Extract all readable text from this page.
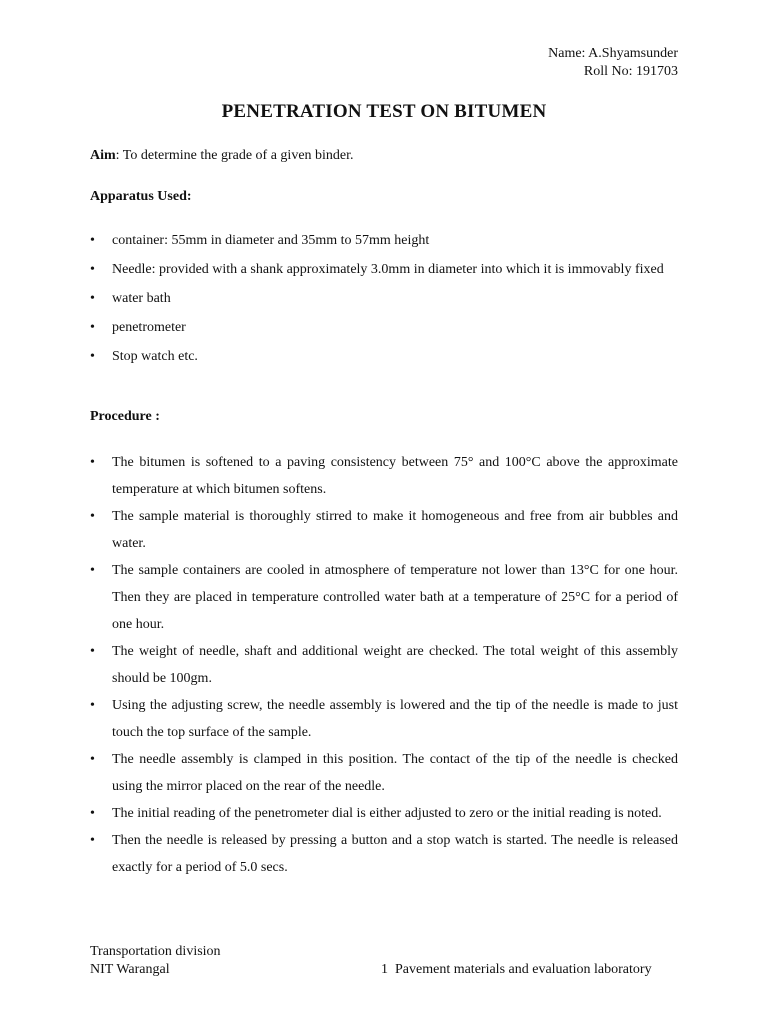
Name: A.Shyamsunder
Roll No: 191703
PENETRATION TEST ON BITUMEN
Aim: To determine the grade of a given binder.
Apparatus Used:
• container: 55mm in diameter and 35mm to 57mm height
• Needle: provided with a shank approximately 3.0mm in diameter into which it is immovably fixed
• water bath
• penetrometer
• Stop watch etc.
Procedure :
• The bitumen is softened to a paving consistency between 75° and 100°C above the approximate temperature at which bitumen softens.
• The sample material is thoroughly stirred to make it homogeneous and free from air bubbles and water.
• The sample containers are cooled in atmosphere of temperature not lower than 13°C for one hour. Then they are placed in temperature controlled water bath at a temperature of 25°C for a period of one hour.
• The weight of needle, shaft and additional weight are checked. The total weight of this assembly should be 100gm.
• Using the adjusting screw, the needle assembly is lowered and the tip of the needle is made to just touch the top surface of the sample.
• The needle assembly is clamped in this position. The contact of the tip of the needle is checked using the mirror placed on the rear of the needle.
• The initial reading of the penetrometer dial is either adjusted to zero or the initial reading is noted.
• Then the needle is released by pressing a button and a stop watch is started. The needle is released exactly for a period of 5.0 secs.
Transportation division
NIT Warangal	1 Pavement materials and evaluation laboratory
